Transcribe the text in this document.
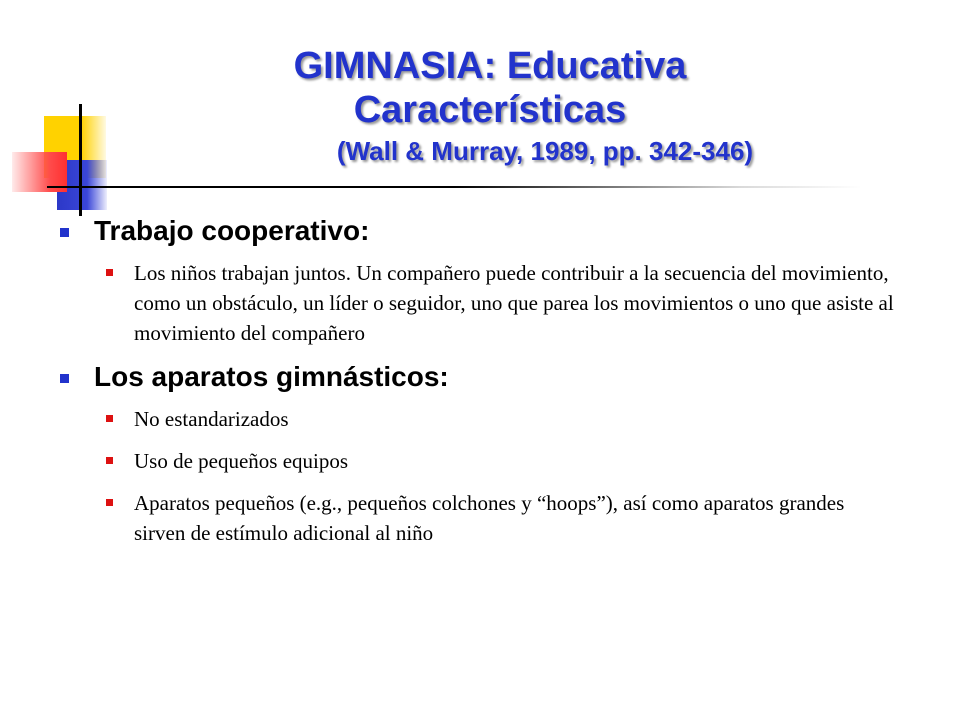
GIMNASIA: Educativa
Características
(Wall & Murray, 1989, pp. 342-346)
Trabajo cooperativo:
Los niños trabajan juntos. Un compañero puede contribuir a la secuencia del movimiento, como un obstáculo, un líder o seguidor, uno que parea los movimientos o uno que asiste al movimiento del compañero
Los aparatos gimnásticos:
No estandarizados
Uso de pequeños equipos
Aparatos pequeños (e.g., pequeños colchones y “hoops”), así como aparatos grandes sirven de estímulo adicional al niño
